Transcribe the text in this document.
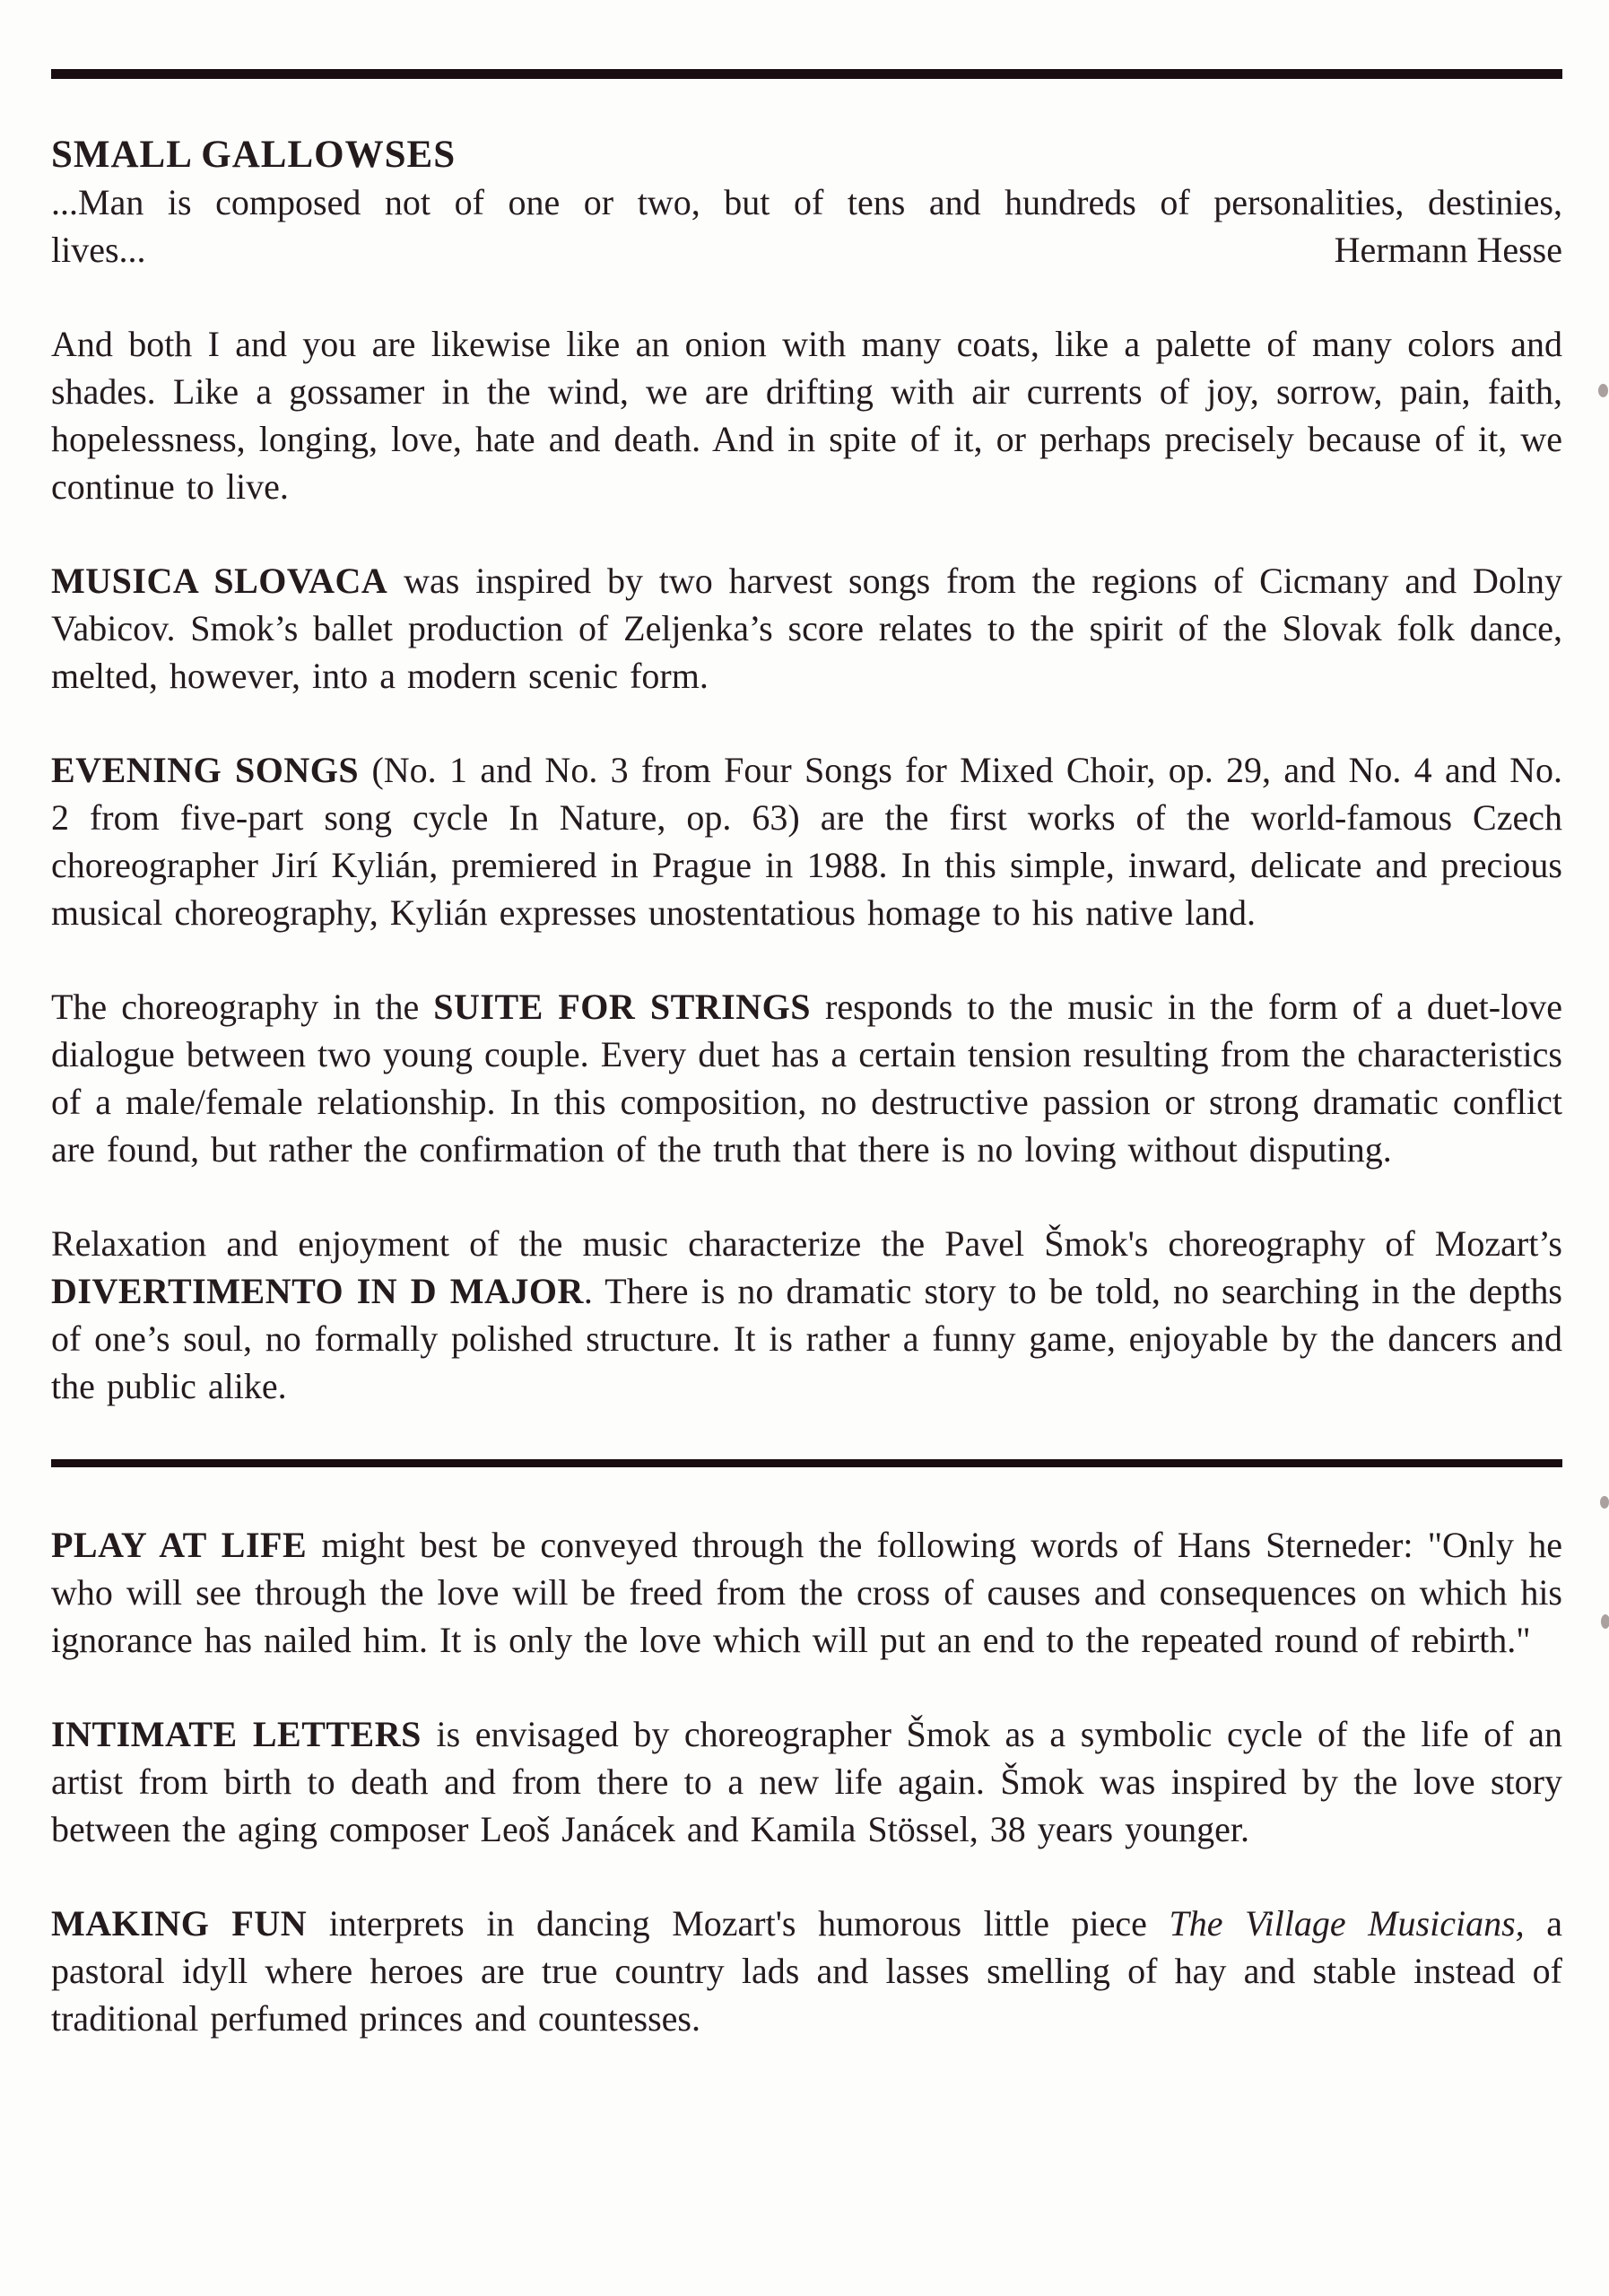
SMALL GALLOWSES

...Man is composed not of one or two, but of tens and hundreds of personalities, destinies,

lives...	Hermann Hesse

And both I and you are likewise like an onion with many coats, like a palette of many colors and shades. Like a gossamer in the wind, we are drifting with air currents of joy, sorrow, pain, faith, hopelessness, longing, love, hate and death. And in spite of it, or perhaps precisely because of it, we continue to live.

MUSICA SLOVACA was inspired by two harvest songs from the regions of Cicmany and Dolny Vabicov. Smok’s ballet production of Zeljenka’s score relates to the spirit of the Slovak folk dance, melted, however, into a modern scenic form.

EVENING SONGS (No. 1 and No. 3 from Four Songs for Mixed Choir, op. 29, and No. 4 and No. 2 from five-part song cycle In Nature, op. 63) are the first works of the world-famous Czech choreographer Jirí Kylián, premiered in Prague in 1988. In this simple, inward, delicate and precious musical choreography, Kylián expresses unostentatious homage to his native land.

The choreography in the SUITE FOR STRINGS responds to the music in the form of a duet-love dialogue between two young couple. Every duet has a certain tension resulting from the characteristics of a male/female relationship. In this composition, no destructive passion or strong dramatic conflict are found, but rather the confirmation of the truth that there is no loving without disputing.

Relaxation and enjoyment of the music characterize the Pavel Šmok's choreography of Mozart’s DIVERTIMENTO IN D MAJOR. There is no dramatic story to be told, no searching in the depths of one’s soul, no formally polished structure. It is rather a funny game, enjoyable by the dancers and the public alike.

PLAY AT LIFE might best be conveyed through the following words of Hans Sterneder: "Only he who will see through the love will be freed from the cross of causes and consequences on which his ignorance has nailed him. It is only the love which will put an end to the repeated round of rebirth."

INTIMATE LETTERS is envisaged by choreographer Šmok as a symbolic cycle of the life of an artist from birth to death and from there to a new life again. Šmok was inspired by the love story between the aging composer Leoš Janácek and Kamila Stössel, 38 years younger.

MAKING FUN interprets in dancing Mozart's humorous little piece The Village Musicians, a pastoral idyll where heroes are true country lads and lasses smelling of hay and stable instead of traditional perfumed princes and countesses.
